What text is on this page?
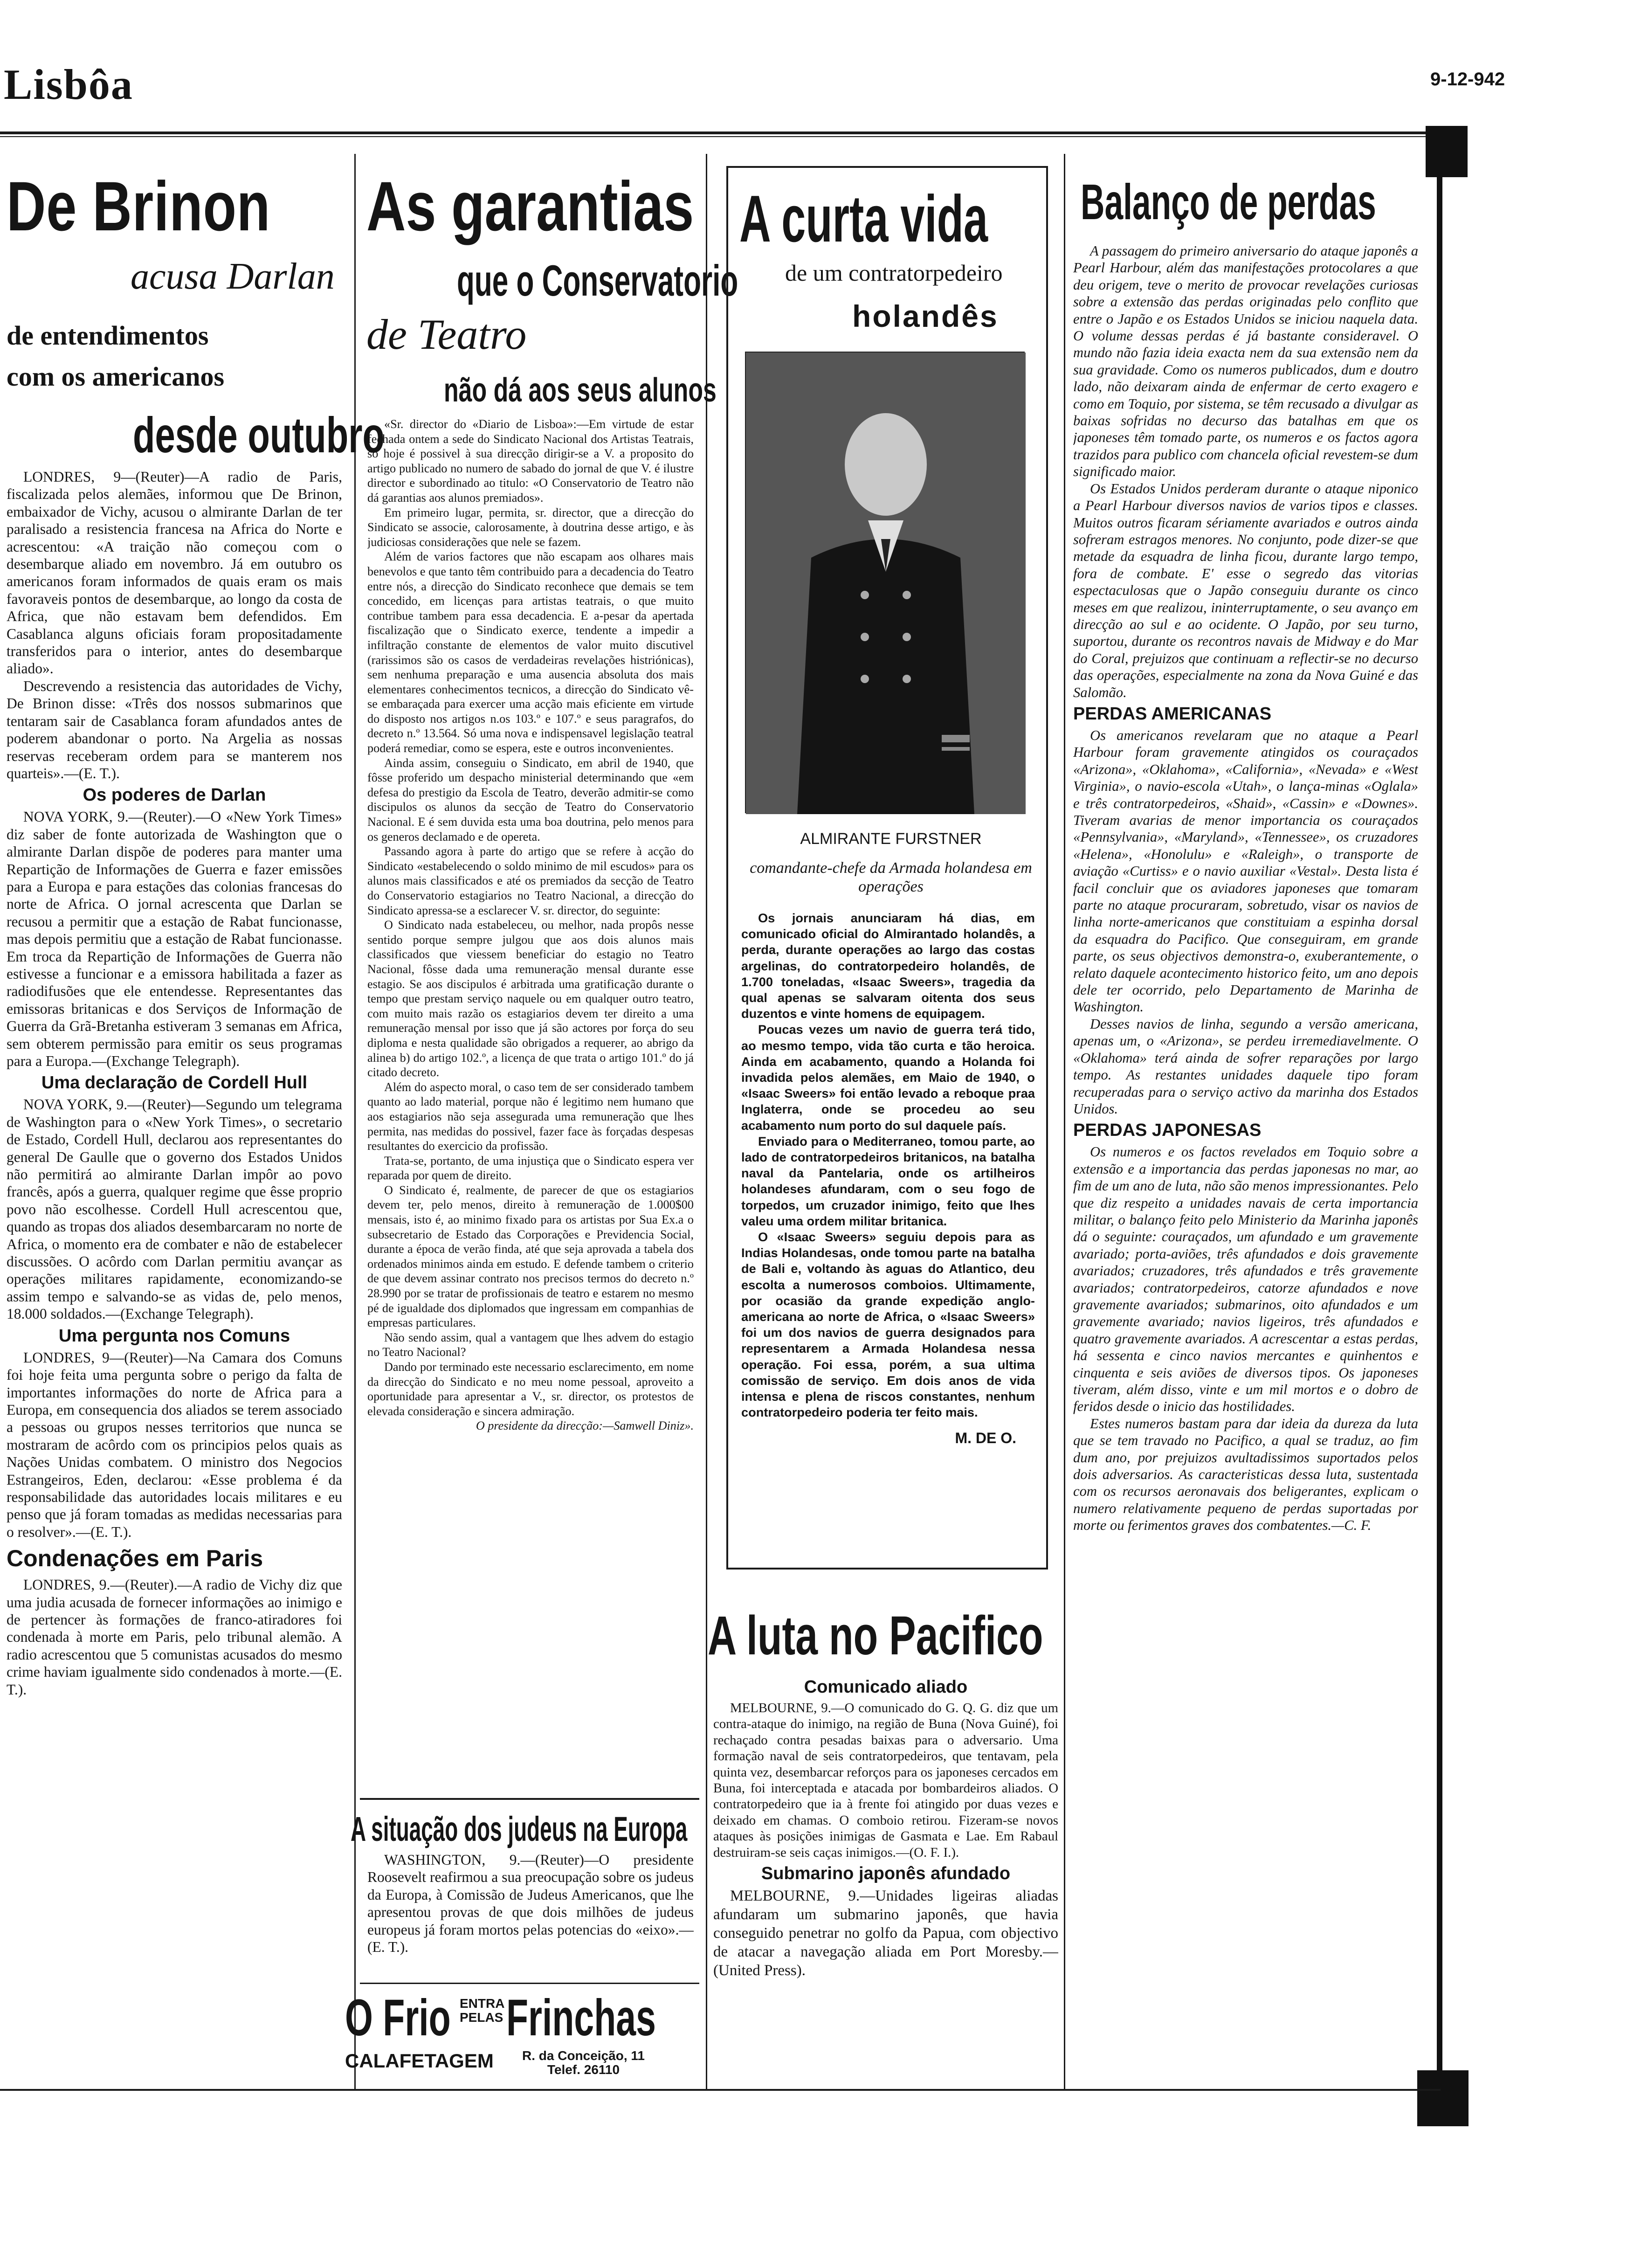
Lisbôa	9-12-942
De Brinon
acusa Darlan
de entendimentos
com os americanos
desde outubro

LONDRES, 9—(Reuter)—A radio de Paris, fiscalizada pelos alemães, informou que De Brinon, embaixador de Vichy, acusou o almirante Darlan de ter paralisado a resistencia francesa na Africa do Norte e acrescentou: «A traição não começou com o desembarque aliado em novembro. Já em outubro os americanos foram informados de quais eram os mais favoraveis pontos de desembarque, ao longo da costa de Africa, que não estavam bem defendidos. Em Casablanca alguns oficiais foram propositadamente transferidos para o interior, antes do desembarque aliado».

Descrevendo a resistencia das autoridades de Vichy, De Brinon disse: «Três dos nossos submarinos que tentaram sair de Casablanca foram afundados antes de poderem abandonar o porto. Na Argelia as nossas reservas receberam ordem para se manterem nos quarteis».—(E. T.).

Os poderes de Darlan

NOVA YORK, 9.—(Reuter).—O «New York Times» diz saber de fonte autorizada de Washington que o almirante Darlan dispõe de poderes para manter uma Repartição de Informações de Guerra e fazer emissões para a Europa e para estações das colonias francesas do norte de Africa. O jornal acrescenta que Darlan se recusou a permitir que a estação de Rabat funcionasse, mas depois permitiu que a estação de Rabat funcionasse. Em troca da Repartição de Informações de Guerra não estivesse a funcionar e a emissora habilitada a fazer as radiodifusões que ele entendesse. Representantes das emissoras britanicas e dos Serviços de Informação de Guerra da Grã-Bretanha estiveram 3 semanas em Africa, sem obterem permissão para emitir os seus programas para a Europa.—(Exchange Telegraph).

Uma declaração de Cordell Hull

NOVA YORK, 9.—(Reuter)—Segundo um telegrama de Washington para o «New York Times», o secretario de Estado, Cordell Hull, declarou aos representantes do general De Gaulle que o governo dos Estados Unidos não permitirá ao almirante Darlan impôr ao povo francês, após a guerra, qualquer regime que êsse proprio povo não escolhesse. Cordell Hull acrescentou que, quando as tropas dos aliados desembarcaram no norte de Africa, o momento era de combater e não de estabelecer discussões. O acôrdo com Darlan permitiu avançar as operações militares rapidamente, economizando-se assim tempo e salvando-se as vidas de, pelo menos, 18.000 soldados.—(Exchange Telegraph).

Uma pergunta nos Comuns

LONDRES, 9—(Reuter)—Na Camara dos Comuns foi hoje feita uma pergunta sobre o perigo da falta de importantes informações do norte de Africa para a Europa, em consequencia dos aliados se terem associado a pessoas ou grupos nesses territorios que nunca se mostraram de acôrdo com os principios pelos quais as Nações Unidas combatem. O ministro dos Negocios Estrangeiros, Eden, declarou: «Esse problema é da responsabilidade das autoridades locais militares e eu penso que já foram tomadas as medidas necessarias para o resolver».—(E. T.).

Condenações em Paris

LONDRES, 9.—(Reuter).—A radio de Vichy diz que uma judia acusada de fornecer informações ao inimigo e de pertencer às formações de franco-atiradores foi condenada à morte em Paris, pelo tribunal alemão. A radio acrescentou que 5 comunistas acusados do mesmo crime haviam igualmente sido condenados à morte.—(E. T.).

As garantias
que o Conservatorio
de Teatro
não dá aos seus alunos

«Sr. director do «Diario de Lisboa»:—Em virtude de estar fechada ontem a sede do Sindicato Nacional dos Artistas Teatrais, só hoje é possivel à sua direcção dirigir-se a V. a proposito do artigo publicado no numero de sabado do jornal de que V. é ilustre director e subordinado ao titulo: «O Conservatorio de Teatro não dá garantias aos alunos premiados».

Em primeiro lugar, permita, sr. director, que a direcção do Sindicato se associe, calorosamente, à doutrina desse artigo, e às judiciosas considerações que nele se fazem.

Além de varios factores que não escapam aos olhares mais benevolos e que tanto têm contribuido para a decadencia do Teatro entre nós, a direcção do Sindicato reconhece que demais se tem concedido, em licenças para artistas teatrais, o que muito contribue tambem para essa decadencia. E a-pesar da apertada fiscalização que o Sindicato exerce, tendente a impedir a infiltração constante de elementos de valor muito discutivel (rarissimos são os casos de verdadeiras revelações histriónicas), sem nenhuma preparação e uma ausencia absoluta dos mais elementares conhecimentos tecnicos, a direcção do Sindicato vê-se embaraçada para exercer uma acção mais eficiente em virtude do disposto nos artigos n.os 103.º e 107.º e seus paragrafos, do decreto n.º 13.564. Só uma nova e indispensavel legislação teatral poderá remediar, como se espera, este e outros inconvenientes.

Ainda assim, conseguiu o Sindicato, em abril de 1940, que fôsse proferido um despacho ministerial determinando que «em defesa do prestigio da Escola de Teatro, deverão admitir-se como discipulos os alunos da secção de Teatro do Conservatorio Nacional. E é sem duvida esta uma boa doutrina, pelo menos para os generos declamado e de opereta.

Passando agora à parte do artigo que se refere à acção do Sindicato «estabelecendo o soldo minimo de mil escudos» para os alunos mais classificados e até os premiados da secção de Teatro do Conservatorio estagiarios no Teatro Nacional, a direcção do Sindicato apressa-se a esclarecer V. sr. director, do seguinte:

O Sindicato nada estabeleceu, ou melhor, nada propôs nesse sentido porque sempre julgou que aos dois alunos mais classificados que viessem beneficiar do estagio no Teatro Nacional, fôsse dada uma remuneração mensal durante esse estagio. Se aos discipulos é arbitrada uma gratificação durante o tempo que prestam serviço naquele ou em qualquer outro teatro, com muito mais razão os estagiarios devem ter direito a uma remuneração mensal por isso que já são actores por força do seu diploma e nesta qualidade são obrigados a requerer, ao abrigo da alinea b) do artigo 102.º, a licença de que trata o artigo 101.º do já citado decreto.

Além do aspecto moral, o caso tem de ser considerado tambem quanto ao lado material, porque não é legitimo nem humano que aos estagiarios não seja assegurada uma remuneração que lhes permita, nas medidas do possivel, fazer face às forçadas despesas resultantes do exercicio da profissão.

Trata-se, portanto, de uma injustiça que o Sindicato espera ver reparada por quem de direito.

O Sindicato é, realmente, de parecer de que os estagiarios devem ter, pelo menos, direito à remuneração de 1.000$00 mensais, isto é, ao minimo fixado para os artistas por Sua Ex.a o subsecretario de Estado das Corporações e Previdencia Social, durante a época de verão finda, até que seja aprovada a tabela dos ordenados minimos ainda em estudo. E defende tambem o criterio de que devem assinar contrato nos precisos termos do decreto n.º 28.990 por se tratar de profissionais de teatro e estarem no mesmo pé de igualdade dos diplomados que ingressam em companhias de empresas particulares.

Não sendo assim, qual a vantagem que lhes advem do estagio no Teatro Nacional?

Dando por terminado este necessario esclarecimento, em nome da direcção do Sindicato e no meu nome pessoal, aproveito a oportunidade para apresentar a V., sr. director, os protestos de elevada consideração e sincera admiração.

O presidente da direcção:—Samwell Diniz».

A situação dos judeus na Europa

WASHINGTON, 9.—(Reuter)—O presidente Roosevelt reafirmou a sua preocupação sobre os judeus da Europa, à Comissão de Judeus Americanos, que lhe apresentou provas de que dois milhões de judeus europeus já foram mortos pelas potencias do «eixo».—(E. T.).

O Frio ENTRA
PELAS Frinchas
CALAFETAGEM R. da Conceição, 11
Telef. 26110
A curta vida
de um contratorpedeiro
holandês
ALMIRANTE FURSTNER
comandante-chefe da Armada holandesa em operações

Os jornais anunciaram há dias, em comunicado oficial do Almirantado holandês, a perda, durante operações ao largo das costas argelinas, do contratorpedeiro holandês, de 1.700 toneladas, «Isaac Sweers», tragedia da qual apenas se salvaram oitenta dos seus duzentos e vinte homens de equipagem.

Poucas vezes um navio de guerra terá tido, ao mesmo tempo, vida tão curta e tão heroica. Ainda em acabamento, quando a Holanda foi invadida pelos alemães, em Maio de 1940, o «Isaac Sweers» foi então levado a reboque praa Inglaterra, onde se procedeu ao seu acabamento num porto do sul daquele país.

Enviado para o Mediterraneo, tomou parte, ao lado de contratorpedeiros britanicos, na batalha naval da Pantelaria, onde os artilheiros holandeses afundaram, com o seu fogo de torpedos, um cruzador inimigo, feito que lhes valeu uma ordem militar britanica.

O «Isaac Sweers» seguiu depois para as Indias Holandesas, onde tomou parte na batalha de Bali e, voltando às aguas do Atlantico, deu escolta a numerosos comboios. Ultimamente, por ocasião da grande expedição anglo-americana ao norte de Africa, o «Isaac Sweers» foi um dos navios de guerra designados para representarem a Armada Holandesa nessa operação. Foi essa, porém, a sua ultima comissão de serviço. Em dois anos de vida intensa e plena de riscos constantes, nenhum contratorpedeiro poderia ter feito mais.

M. DE O.
A luta no Pacifico
Comunicado aliado

MELBOURNE, 9.—O comunicado do G. Q. G. diz que um contra-ataque do inimigo, na região de Buna (Nova Guiné), foi rechaçado contra pesadas baixas para o adversario. Uma formação naval de seis contratorpedeiros, que tentavam, pela quinta vez, desembarcar reforços para os japoneses cercados em Buna, foi interceptada e atacada por bombardeiros aliados. O contratorpedeiro que ia à frente foi atingido por duas vezes e deixado em chamas. O comboio retirou. Fizeram-se novos ataques às posições inimigas de Gasmata e Lae. Em Rabaul destruiram-se seis caças inimigos.—(O. F. I.).

Submarino japonês afundado

MELBOURNE, 9.—Unidades ligeiras aliadas afundaram um submarino japonês, que havia conseguido penetrar no golfo da Papua, com objectivo de atacar a navegação aliada em Port Moresby.—(United Press).

Balanço de perdas

A passagem do primeiro aniversario do ataque japonês a Pearl Harbour, além das manifestações protocolares a que deu origem, teve o merito de provocar revelações curiosas sobre a extensão das perdas originadas pelo conflito que entre o Japão e os Estados Unidos se iniciou naquela data. O volume dessas perdas é já bastante consideravel. O mundo não fazia ideia exacta nem da sua extensão nem da sua gravidade. Como os numeros publicados, dum e doutro lado, não deixaram ainda de enfermar de certo exagero e como em Toquio, por sistema, se têm recusado a divulgar as baixas sofridas no decurso das batalhas em que os japoneses têm tomado parte, os numeros e os factos agora trazidos para publico com chancela oficial revestem-se dum significado maior.

Os Estados Unidos perderam durante o ataque niponico a Pearl Harbour diversos navios de varios tipos e classes. Muitos outros ficaram sériamente avariados e outros ainda sofreram estragos menores. No conjunto, pode dizer-se que metade da esquadra de linha ficou, durante largo tempo, fora de combate. E' esse o segredo das vitorias espectaculosas que o Japão conseguiu durante os cinco meses em que realizou, ininterruptamente, o seu avanço em direcção ao sul e ao ocidente. O Japão, por seu turno, suportou, durante os recontros navais de Midway e do Mar do Coral, prejuizos que continuam a reflectir-se no decurso das operações, especialmente na zona da Nova Guiné e das Salomão.

PERDAS AMERICANAS

Os americanos revelaram que no ataque a Pearl Harbour foram gravemente atingidos os couraçados «Arizona», «Oklahoma», «California», «Nevada» e «West Virginia», o navio-escola «Utah», o lança-minas «Oglala» e três contratorpedeiros, «Shaid», «Cassin» e «Downes». Tiveram avarias de menor importancia os couraçados «Pennsylvania», «Maryland», «Tennessee», os cruzadores «Helena», «Honolulu» e «Raleigh», o transporte de aviação «Curtiss» e o navio auxiliar «Vestal». Desta lista é facil concluir que os aviadores japoneses que tomaram parte no ataque procuraram, sobretudo, visar os navios de linha norte-americanos que constituiam a espinha dorsal da esquadra do Pacifico. Que conseguiram, em grande parte, os seus objectivos demonstra-o, exuberantemente, o relato daquele acontecimento historico feito, um ano depois dele ter ocorrido, pelo Departamento de Marinha de Washington.

Desses navios de linha, segundo a versão americana, apenas um, o «Arizona», se perdeu irremediavelmente. O «Oklahoma» terá ainda de sofrer reparações por largo tempo. As restantes unidades daquele tipo foram recuperadas para o serviço activo da marinha dos Estados Unidos.

PERDAS JAPONESAS

Os numeros e os factos revelados em Toquio sobre a extensão e a importancia das perdas japonesas no mar, ao fim de um ano de luta, não são menos impressionantes. Pelo que diz respeito a unidades navais de certa importancia militar, o balanço feito pelo Ministerio da Marinha japonês dá o seguinte: couraçados, um afundado e um gravemente avariado; porta-aviões, três afundados e dois gravemente avariados; cruzadores, três afundados e três gravemente avariados; contratorpedeiros, catorze afundados e nove gravemente avariados; submarinos, oito afundados e um gravemente avariado; navios ligeiros, três afundados e quatro gravemente avariados. A acrescentar a estas perdas, há sessenta e cinco navios mercantes e quinhentos e cinquenta e seis aviões de diversos tipos. Os japoneses tiveram, além disso, vinte e um mil mortos e o dobro de feridos desde o inicio das hostilidades.

Estes numeros bastam para dar ideia da dureza da luta que se tem travado no Pacifico, a qual se traduz, ao fim dum ano, por prejuizos avultadissimos suportados pelos dois adversarios. As caracteristicas dessa luta, sustentada com os recursos aeronavais dos beligerantes, explicam o numero relativamente pequeno de perdas suportadas por morte ou ferimentos graves dos combatentes.—C. F.
